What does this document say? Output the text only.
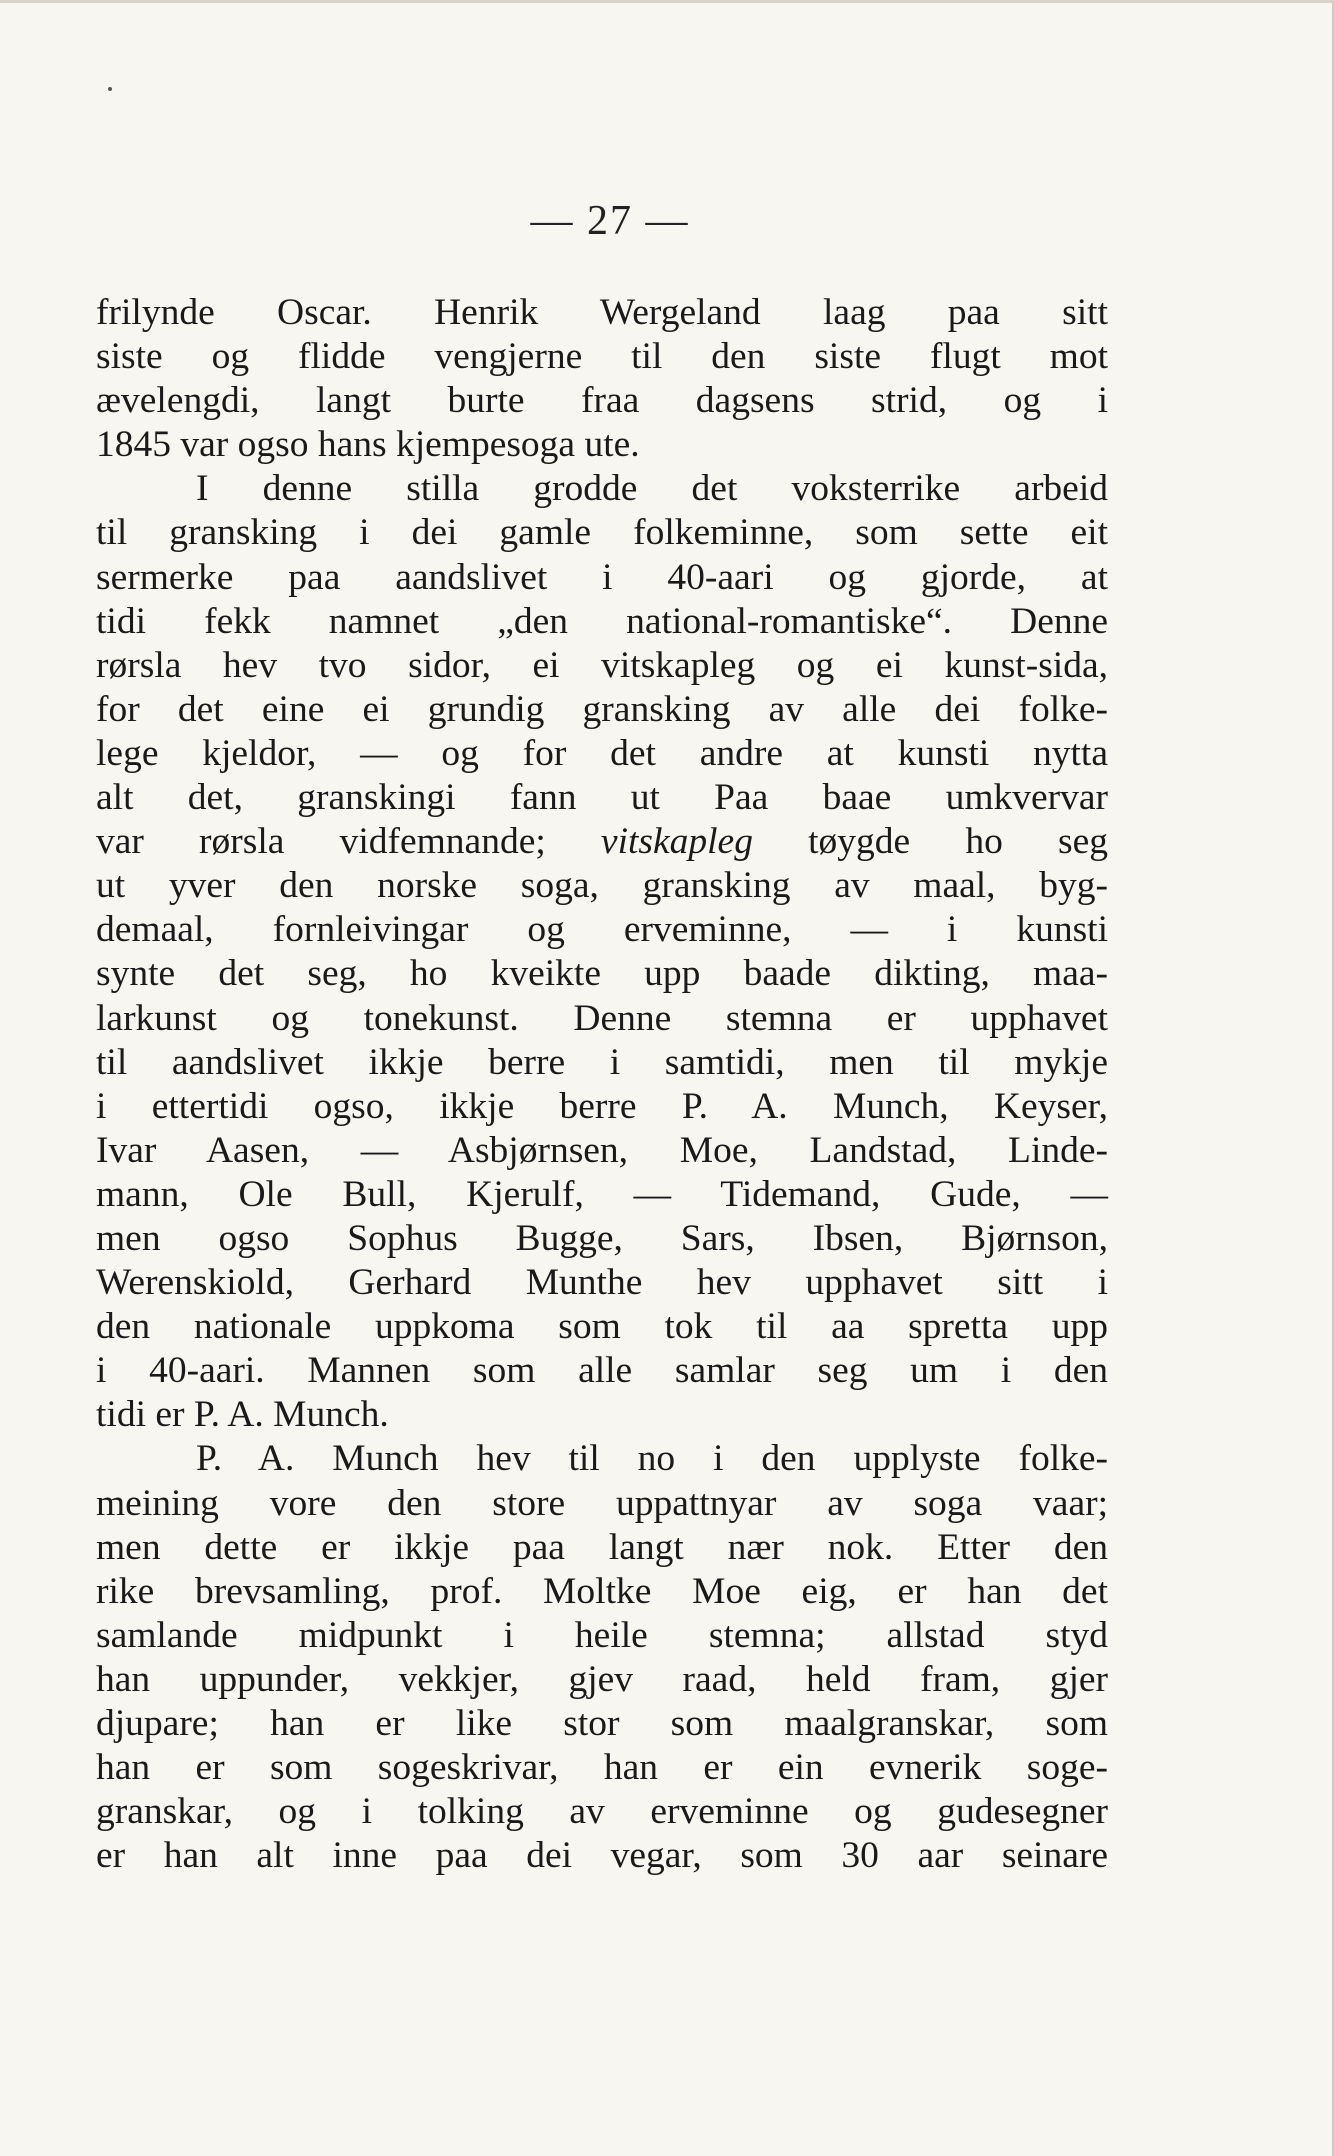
— 27 —
frilynde Oscar. Henrik Wergeland laag paa sitt
siste og flidde vengjerne til den siste flugt mot
ævelengdi, langt burte fraa dagsens strid, og i
1845 var ogso hans kjempesoga ute.
I denne stilla grodde det voksterrike arbeid
til gransking i dei gamle folkeminne, som sette eit
sermerke paa aandslivet i 40-aari og gjorde, at
tidi fekk namnet „den national-romantiske“. Denne
rørsla hev tvo sidor, ei vitskapleg og ei kunst-sida,
for det eine ei grundig gransking av alle dei folke-
lege kjeldor, — og for det andre at kunsti nytta
alt det, granskingi fann ut Paa baae umkvervar
var rørsla vidfemnande; vitskapleg tøygde ho seg
ut yver den norske soga, gransking av maal, byg-
demaal, fornleivingar og erveminne, — i kunsti
synte det seg, ho kveikte upp baade dikting, maa-
larkunst og tonekunst. Denne stemna er upphavet
til aandslivet ikkje berre i samtidi, men til mykje
i ettertidi ogso, ikkje berre P. A. Munch, Keyser,
Ivar Aasen, — Asbjørnsen, Moe, Landstad, Linde-
mann, Ole Bull, Kjerulf, — Tidemand, Gude, —
men ogso Sophus Bugge, Sars, Ibsen, Bjørnson,
Werenskiold, Gerhard Munthe hev upphavet sitt i
den nationale uppkoma som tok til aa spretta upp
i 40-aari. Mannen som alle samlar seg um i den
tidi er P. A. Munch.
P. A. Munch hev til no i den upplyste folke-
meining vore den store uppattnyar av soga vaar;
men dette er ikkje paa langt nær nok. Etter den
rike brevsamling, prof. Moltke Moe eig, er han det
samlande midpunkt i heile stemna; allstad styd
han uppunder, vekkjer, gjev raad, held fram, gjer
djupare; han er like stor som maalgranskar, som
han er som sogeskrivar, han er ein evnerik soge-
granskar, og i tolking av erveminne og gudesegner
er han alt inne paa dei vegar, som 30 aar seinare
